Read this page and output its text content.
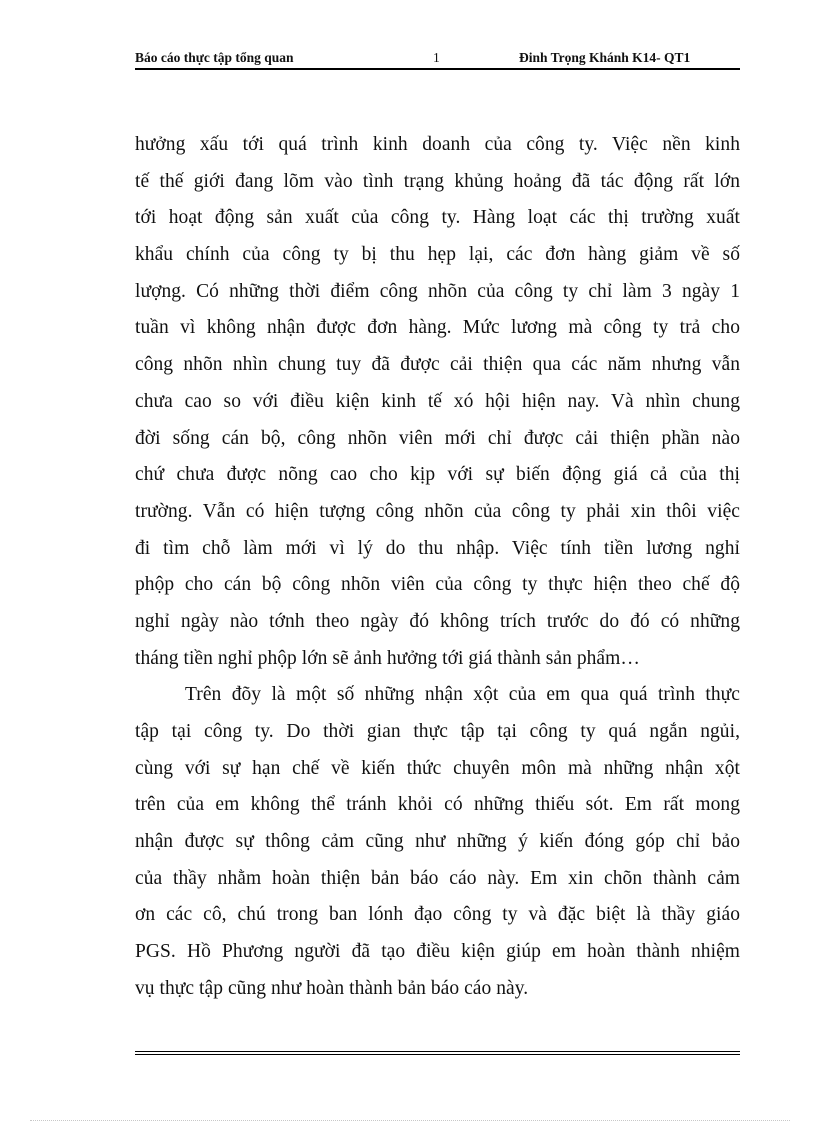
Báo cáo thực tập tổng quan	1	Đinh Trọng Khánh K14- QT1
hưởng xấu tới quá trình kinh doanh của công ty. Việc nền kinh
tế thế giới đang lõm vào tình trạng khủng hoảng đã tác động rất lớn
tới hoạt động sản xuất của công ty. Hàng loạt các thị trường xuất
khẩu chính của công ty bị thu hẹp lại, các đơn hàng giảm về số
lượng. Có những thời điểm công nhõn của công ty chỉ làm 3 ngày 1
tuần vì không nhận được đơn hàng. Mức lương mà công ty trả cho
công nhõn nhìn chung tuy đã được cải thiện qua các năm nhưng vẫn
chưa cao so với điều kiện kinh tế xó hội hiện nay. Và nhìn chung
đời sống cán bộ, công nhõn viên mới chỉ được cải thiện phần nào
chứ chưa được nõng cao cho kịp với sự biến động giá cả của thị
trường. Vẫn có hiện tượng công nhõn của công ty phải xin thôi việc
đi tìm chỗ làm mới vì lý do thu nhập. Việc tính tiền lương nghỉ
phộp cho cán bộ công nhõn viên của công ty thực hiện theo chế độ
nghỉ ngày nào tớnh theo ngày đó không trích trước do đó có những
tháng tiền nghỉ phộp lớn sẽ ảnh hưởng tới giá thành sản phẩm…
Trên đõy là một số những nhận xột của em qua quá trình thực
tập tại công ty. Do thời gian thực tập tại công ty quá ngắn ngủi,
cùng với sự hạn chế về kiến thức chuyên môn mà những nhận xột
trên của em không thể tránh khỏi có những thiếu sót. Em rất mong
nhận được sự thông cảm cũng như những ý kiến đóng góp chỉ bảo
của thầy nhằm hoàn thiện bản báo cáo này. Em xin chõn thành cảm
ơn các cô, chú trong ban lónh đạo công ty và đặc biệt là thầy giáo
PGS. Hồ Phương người đã tạo điều kiện giúp em hoàn thành nhiệm
vụ thực tập cũng như hoàn thành bản báo cáo này.
